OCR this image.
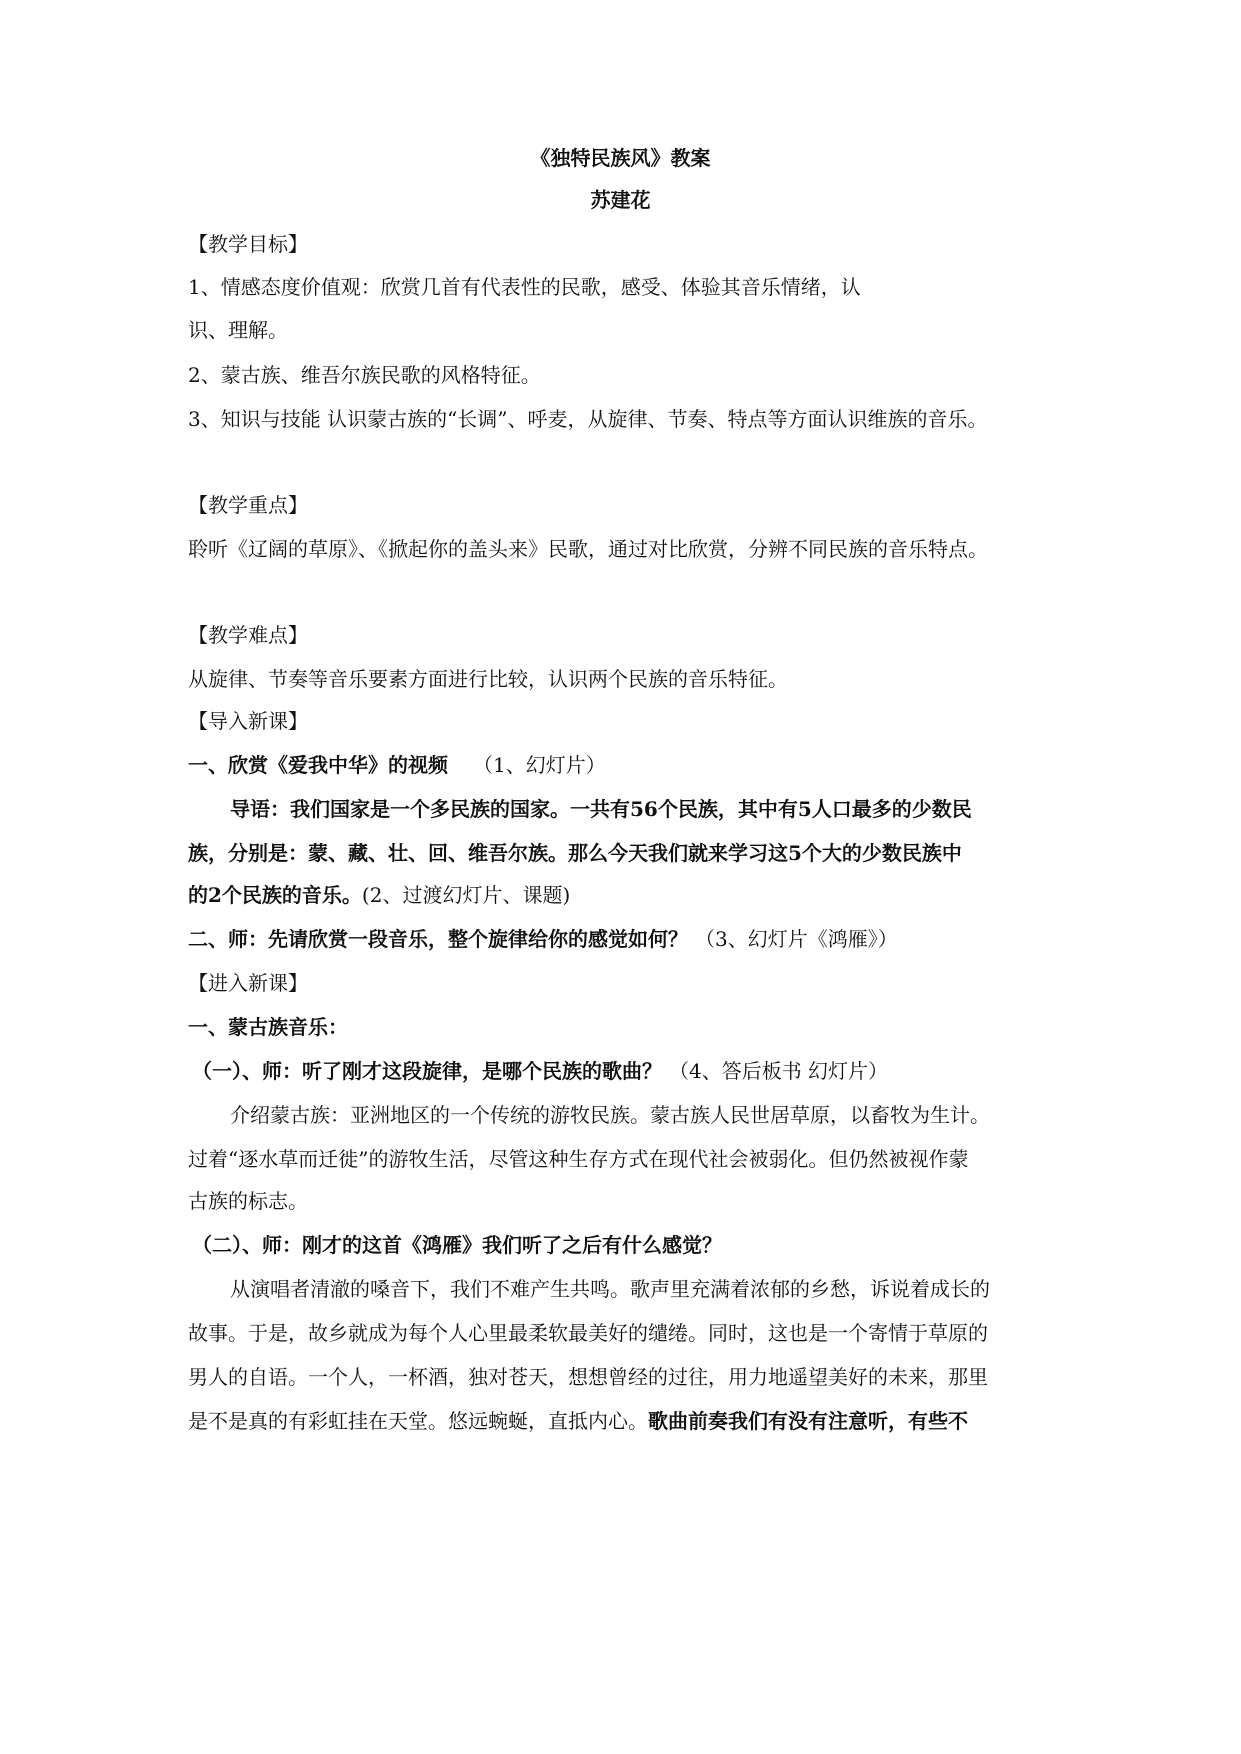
《独特民族风》教案
苏建花
【教学目标】
1、情感态度价值观：欣赏几首有代表性的民歌，感受、体验其音乐情绪，认
识、理解。
2、蒙古族、维吾尔族民歌的风格特征。
3、知识与技能 认识蒙古族的“长调”、呼麦，从旋律、节奏、特点等方面认识维族的音乐。
【教学重点】
聆听《辽阔的草原》、《掀起你的盖头来》民歌，通过对比欣赏，分辨不同民族的音乐特点。
【教学难点】
从旋律、节奏等音乐要素方面进行比较，认识两个民族的音乐特征。
【导入新课】
一、欣赏《爱我中华》的视频 （1、幻灯片）
导语：我们国家是一个多民族的国家。一共有56个民族，其中有5人口最多的少数民
族，分别是：蒙、藏、壮、回、维吾尔族。那么今天我们就来学习这5个大的少数民族中
的2个民族的音乐。(2、过渡幻灯片、课题)
二、师：先请欣赏一段音乐，整个旋律给你的感觉如何？ （3、幻灯片《鸿雁》）
【进入新课】
一、蒙古族音乐：
（一）、师：听了刚才这段旋律，是哪个民族的歌曲？ （4、答后板书 幻灯片）
介绍蒙古族：亚洲地区的一个传统的游牧民族。蒙古族人民世居草原，以畜牧为生计。
过着“逐水草而迁徙”的游牧生活，尽管这种生存方式在现代社会被弱化。但仍然被视作蒙
古族的标志。
（二）、师：刚才的这首《鸿雁》我们听了之后有什么感觉？
从演唱者清澈的嗓音下，我们不难产生共鸣。歌声里充满着浓郁的乡愁，诉说着成长的
故事。于是，故乡就成为每个人心里最柔软最美好的缱绻。同时，这也是一个寄情于草原的
男人的自语。一个人，一杯酒，独对苍天，想想曾经的过往，用力地遥望美好的未来，那里
是不是真的有彩虹挂在天堂。悠远蜿蜒，直抵内心。歌曲前奏我们有没有注意听，有些不
